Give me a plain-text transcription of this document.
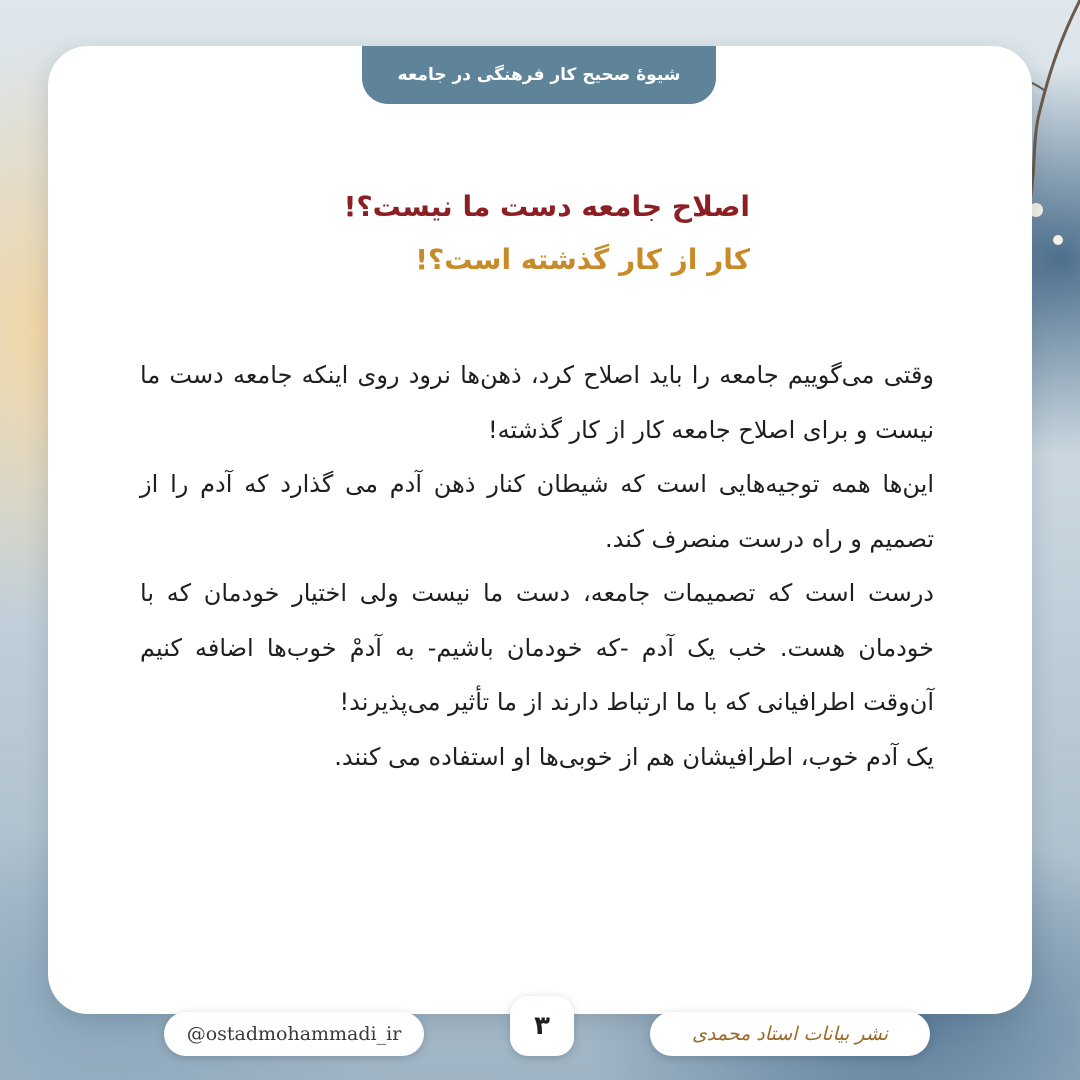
شیوهٔ صحیح کار فرهنگی در جامعه
اصلاح جامعه دست ما نیست؟!
کار از کار گذشته است؟!

وقتی می‌گوییم جامعه را باید اصلاح کرد، ذهن‌ها نرود روی اینکه جامعه دست ما نیست و برای اصلاح جامعه کار از کار گذشته!

این‌ها همه توجیه‌هایی است که شیطان کنار ذهن آدم می گذارد که آدم را از تصمیم و راه درست منصرف کند.

درست است که تصمیمات جامعه، دست ما نیست ولی اختیار خودمان که با خودمان هست. خب یک آدم -که خودمان باشیم- به آدمْ خوب‌ها اضافه کنیم آن‌وقت اطرافیانی که با ما ارتباط دارند از ما تأثیر می‌پذیرند!

یک آدم خوب، اطرافیشان هم از خوبی‌ها او استفاده می کنند.

@ostadmohammadi_ir	۳	نشر بیانات استاد محمدی
